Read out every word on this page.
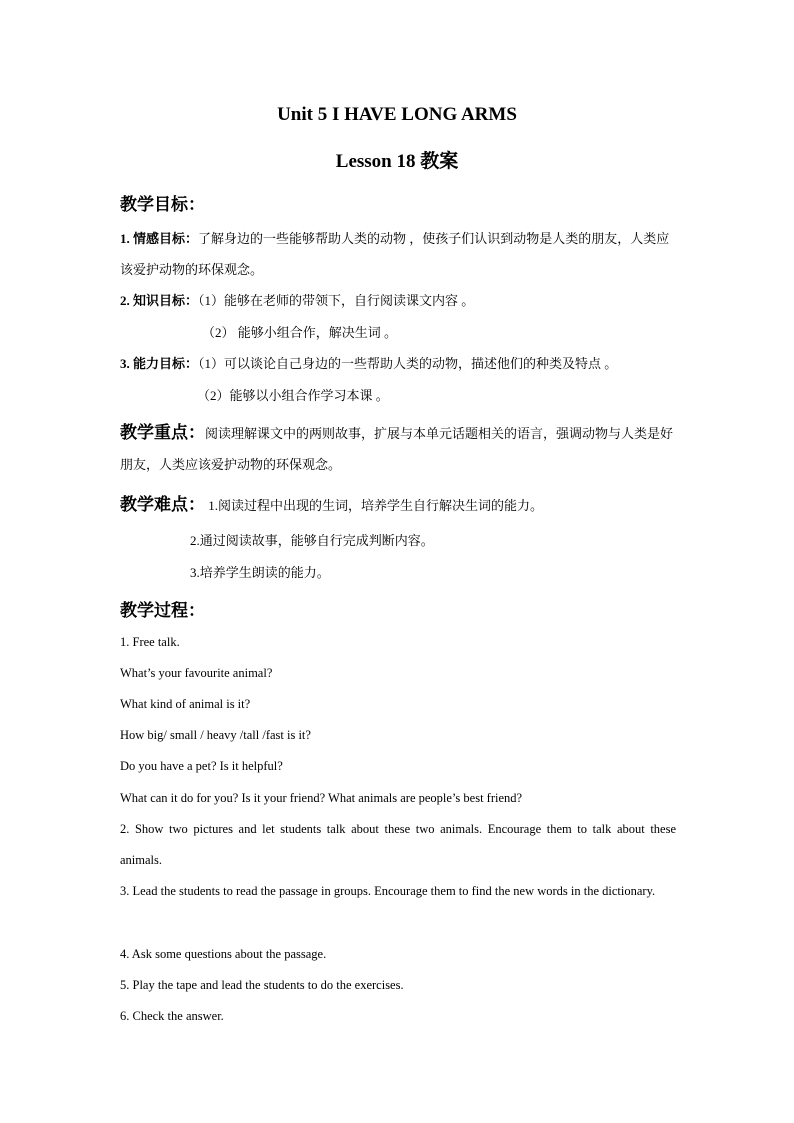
Unit 5 I HAVE LONG ARMS
Lesson 18 教案
教学目标：
1. 情感目标：了解身边的一些能够帮助人类的动物 ，使孩子们认识到动物是人类的朋友，人类应该爱护动物的环保观念。
2. 知识目标：（1）能够在老师的带领下，自行阅读课文内容 。
（2） 能够小组合作，解决生词 。
3. 能力目标：（1）可以谈论自己身边的一些帮助人类的动物，描述他们的种类及特点 。
（2）能够以小组合作学习本课 。
教学重点：阅读理解课文中的两则故事，扩展与本单元话题相关的语言，强调动物与人类是好朋友，人类应该爱护动物的环保观念。
教学难点： 1.阅读过程中出现的生词，培养学生自行解决生词的能力。
2.通过阅读故事，能够自行完成判断内容。
3.培养学生朗读的能力。
教学过程：
1. Free talk.
What’s your favourite animal?
What kind of animal is it?
How big/ small / heavy /tall /fast is it?
Do you have a pet? Is it helpful?
What can it do for you? Is it your friend? What animals are people’s best friend?
2. Show two pictures and let students talk about these two animals. Encourage them to talk about these animals.
3. Lead the students to read the passage in groups. Encourage them to find the new words in the dictionary.
4. Ask some questions about the passage.
5. Play the tape and lead the students to do the exercises.
6. Check the answer.
